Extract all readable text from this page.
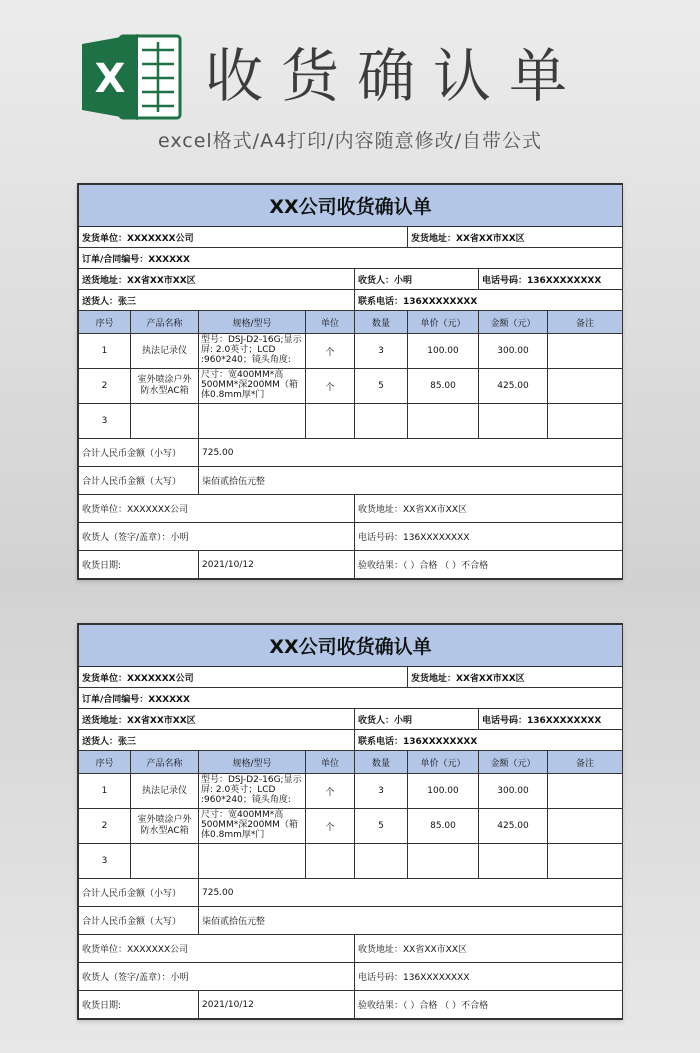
X 收货确认单
excel格式/A4打印/内容随意修改/自带公式
XX公司收货确认单							
发货单位：XXXXXXX公司					发货地址：XX省XX市XX区		
订单/合同编号：XXXXXX							
送货地址：XX省XX市XX区				收货人：小明		电话号码：136XXXXXXXX	
送货人：张三				联系电话：136XXXXXXXX			
序号	产品名称	规格/型号	单位	数量	单价（元）	金额（元）	备注
1	执法记录仪	型号：DSJ-D2-16G;显示屏: 2.0英寸；LCD :960*240；镜头角度:	个	3	100.00	300.00	
2	室外喷涂户外防水型AC箱	尺寸：宽400MM*高500MM*深200MM（箱体0.8mm厚*门	个	5	85.00	425.00	
3							
合计人民币金额（小写）		725.00					
合计人民币金额（大写）		柒佰贰拾伍元整					
收货单位：XXXXXXX公司				收货地址：XX省XX市XX区			
收货人（签字/盖章）：小明				电话号码：136XXXXXXXX			
收货日期:		2021/10/12		验收结果：（ ）合格 （ ）不合格			
XX公司收货确认单							
发货单位：XXXXXXX公司					发货地址：XX省XX市XX区		
订单/合同编号：XXXXXX							
送货地址：XX省XX市XX区				收货人：小明		电话号码：136XXXXXXXX	
送货人：张三				联系电话：136XXXXXXXX			
序号	产品名称	规格/型号	单位	数量	单价（元）	金额（元）	备注
1	执法记录仪	型号：DSJ-D2-16G;显示屏: 2.0英寸；LCD :960*240；镜头角度:	个	3	100.00	300.00	
2	室外喷涂户外防水型AC箱	尺寸：宽400MM*高500MM*深200MM（箱体0.8mm厚*门	个	5	85.00	425.00	
3							
合计人民币金额（小写）		725.00					
合计人民币金额（大写）		柒佰贰拾伍元整					
收货单位：XXXXXXX公司				收货地址：XX省XX市XX区			
收货人（签字/盖章）：小明				电话号码：136XXXXXXXX			
收货日期:		2021/10/12		验收结果：（ ）合格 （ ）不合格			
